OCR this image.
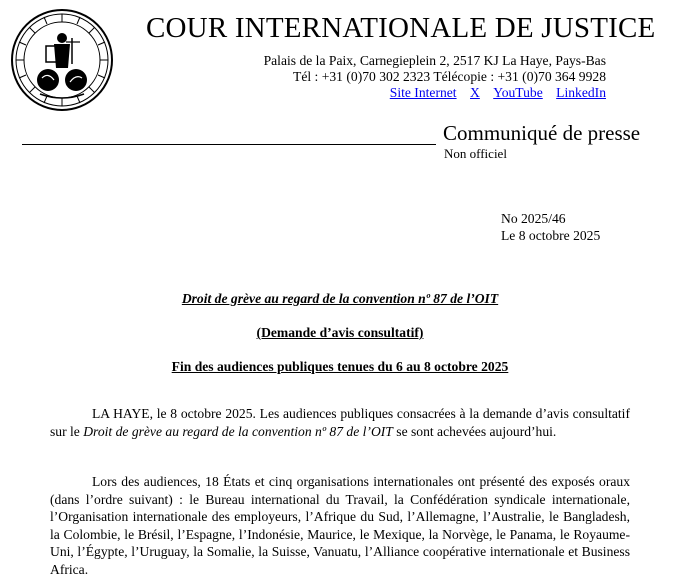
COUR INTERNATIONALE DE JUSTICE
Palais de la Paix, Carnegieplein 2, 2517 KJ La Haye, Pays-Bas
Tél : +31 (0)70 302 2323 Télécopie : +31 (0)70 364 9928
Site Internet X YouTube LinkedIn
Communiqué de presse
Non officiel
No 2025/46
Le 8 octobre 2025
Droit de grève au regard de la convention nº 87 de l’OIT
(Demande d’avis consultatif)
Fin des audiences publiques tenues du 6 au 8 octobre 2025
LA HAYE, le 8 octobre 2025. Les audiences publiques consacrées à la demande d’avis consultatif sur le Droit de grève au regard de la convention nº 87 de l’OIT se sont achevées aujourd’hui.
Lors des audiences, 18 États et cinq organisations internationales ont présenté des exposés oraux (dans l’ordre suivant) : le Bureau international du Travail, la Confédération syndicale internationale, l’Organisation internationale des employeurs, l’Afrique du Sud, l’Allemagne, l’Australie, le Bangladesh, la Colombie, le Brésil, l’Espagne, l’Indonésie, Maurice, le Mexique, la Norvège, le Panama, le Royaume-Uni, l’Égypte, l’Uruguay, la Somalie, la Suisse, Vanuatu, l’Alliance coopérative internationale et Business Africa.
